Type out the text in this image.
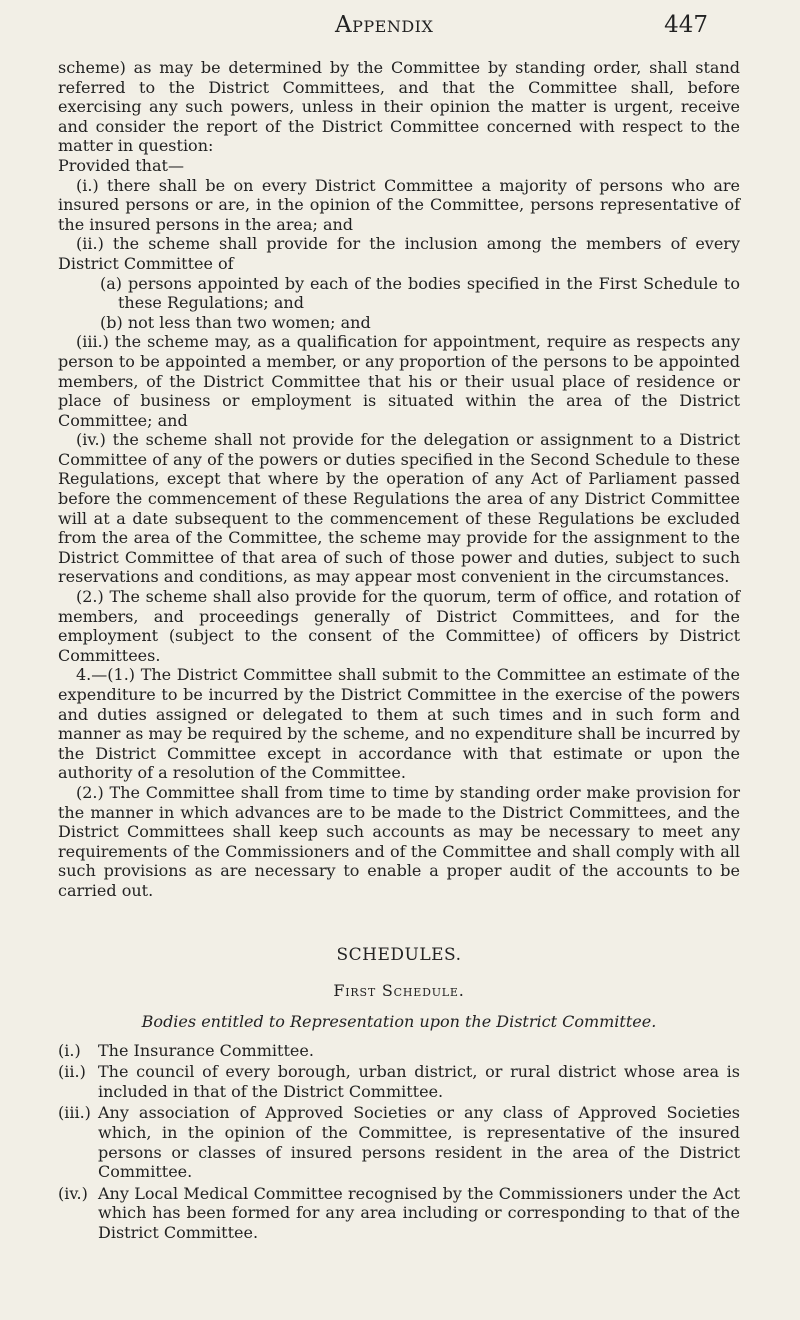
Appendix	447

scheme) as may be determined by the Committee by standing order, shall stand referred to the District Committees, and that the Committee shall, before exercising any such powers, unless in their opinion the matter is urgent, receive and consider the report of the District Committee concerned with respect to the matter in question:

Provided that—

(i.) there shall be on every District Committee a majority of persons who are insured persons or are, in the opinion of the Committee, persons representative of the insured persons in the area; and

(ii.) the scheme shall provide for the inclusion among the members of every District Committee of

(a) persons appointed by each of the bodies specified in the First Schedule to these Regulations; and

(b) not less than two women; and

(iii.) the scheme may, as a qualification for appointment, require as respects any person to be appointed a member, or any proportion of the persons to be appointed members, of the District Committee that his or their usual place of residence or place of business or employment is situated within the area of the District Committee; and

(iv.) the scheme shall not provide for the delegation or assignment to a District Committee of any of the powers or duties specified in the Second Schedule to these Regulations, except that where by the operation of any Act of Parliament passed before the commencement of these Regulations the area of any District Committee will at a date subsequent to the commencement of these Regulations be excluded from the area of the Committee, the scheme may provide for the assignment to the District Committee of that area of such of those power and duties, subject to such reservations and conditions, as may appear most convenient in the circumstances.

(2.) The scheme shall also provide for the quorum, term of office, and rotation of members, and proceedings generally of District Committees, and for the employment (subject to the consent of the Committee) of officers by District Committees.

4.—(1.) The District Committee shall submit to the Committee an estimate of the expenditure to be incurred by the District Committee in the exercise of the powers and duties assigned or delegated to them at such times and in such form and manner as may be required by the scheme, and no expenditure shall be incurred by the District Committee except in accordance with that estimate or upon the authority of a resolution of the Committee.

(2.) The Committee shall from time to time by standing order make provision for the manner in which advances are to be made to the District Committees, and the District Committees shall keep such accounts as may be necessary to meet any requirements of the Commissioners and of the Committee and shall comply with all such provisions as are necessary to enable a proper audit of the accounts to be carried out.

SCHEDULES.
First Schedule.
Bodies entitled to Representation upon the District Committee.
(i.)	The Insurance Committee.
(ii.) The council of every borough, urban district, or rural district whose area is included in that of the District Committee.
(iii.) Any association of Approved Societies or any class of Approved Societies which, in the opinion of the Committee, is representative of the insured persons or classes of insured persons resident in the area of the District Committee.
(iv.) Any Local Medical Committee recognised by the Commissioners under the Act which has been formed for any area including or corresponding to that of the District Committee.
